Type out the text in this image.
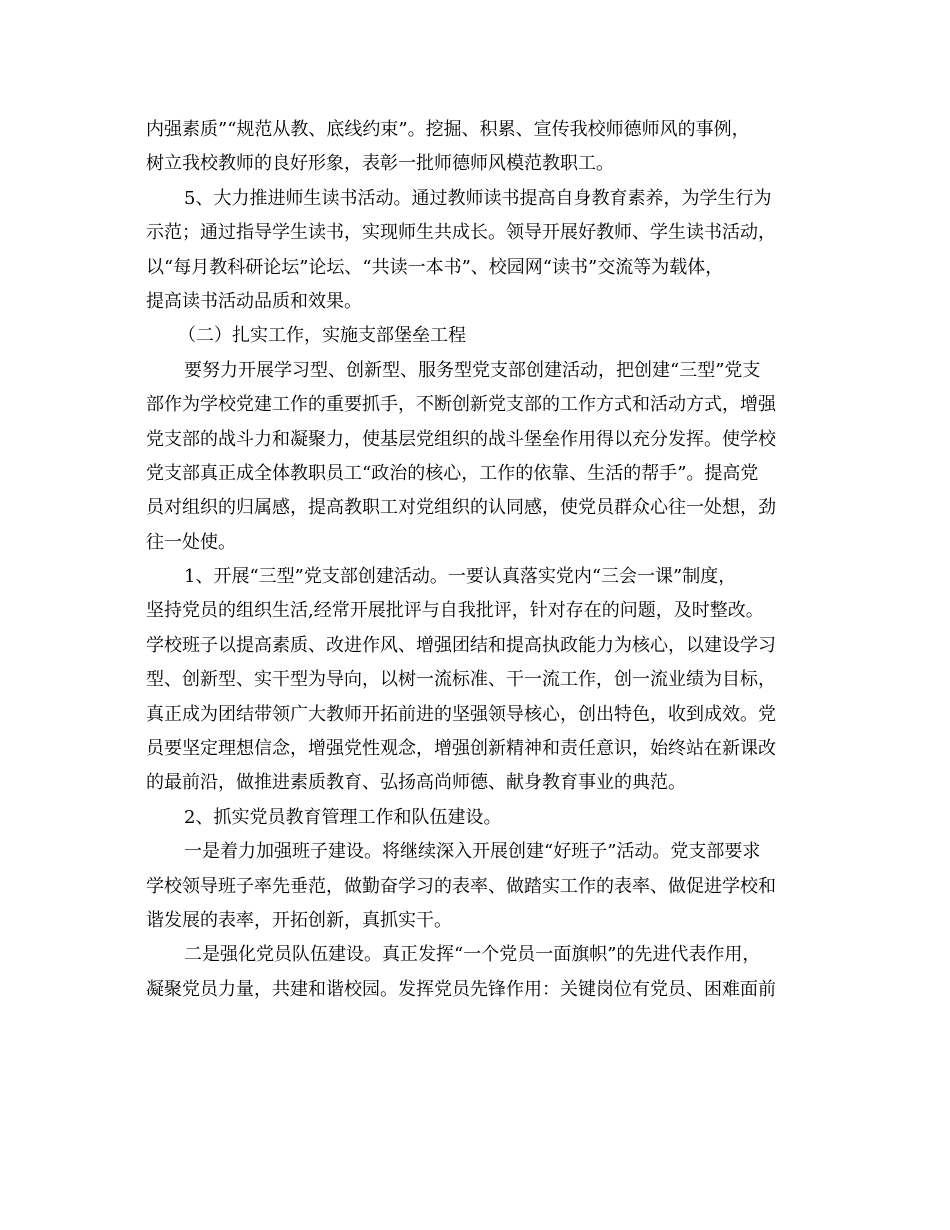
内强素质”“规范从教、底线约束”。挖掘、积累、宣传我校师德师风的事例，
树立我校教师的良好形象，表彰一批师德师风模范教职工。
5、大力推进师生读书活动。通过教师读书提高自身教育素养，为学生行为
示范；通过指导学生读书，实现师生共成长。领导开展好教师、学生读书活动，
以“每月教科研论坛”论坛、“共读一本书”、校园网“读书”交流等为载体，
提高读书活动品质和效果。
（二）扎实工作，实施支部堡垒工程
要努力开展学习型、创新型、服务型党支部创建活动，把创建“三型”党支
部作为学校党建工作的重要抓手，不断创新党支部的工作方式和活动方式，增强
党支部的战斗力和凝聚力，使基层党组织的战斗堡垒作用得以充分发挥。使学校
党支部真正成全体教职员工“政治的核心，工作的依靠、生活的帮手”。提高党
员对组织的归属感，提高教职工对党组织的认同感，使党员群众心往一处想，劲
往一处使。
1、开展“三型”党支部创建活动。一要认真落实党内“三会一课”制度，
坚持党员的组织生活,经常开展批评与自我批评，针对存在的问题，及时整改。
学校班子以提高素质、改进作风、增强团结和提高执政能力为核心，以建设学习
型、创新型、实干型为导向，以树一流标准、干一流工作，创一流业绩为目标，
真正成为团结带领广大教师开拓前进的坚强领导核心，创出特色，收到成效。党
员要坚定理想信念，增强党性观念，增强创新精神和责任意识，始终站在新课改
的最前沿，做推进素质教育、弘扬高尚师德、献身教育事业的典范。
2、抓实党员教育管理工作和队伍建设。
一是着力加强班子建设。将继续深入开展创建“好班子”活动。党支部要求
学校领导班子率先垂范，做勤奋学习的表率、做踏实工作的表率、做促进学校和
谐发展的表率，开拓创新，真抓实干。
二是强化党员队伍建设。真正发挥“一个党员一面旗帜”的先进代表作用，
凝聚党员力量，共建和谐校园。发挥党员先锋作用：关键岗位有党员、困难面前
